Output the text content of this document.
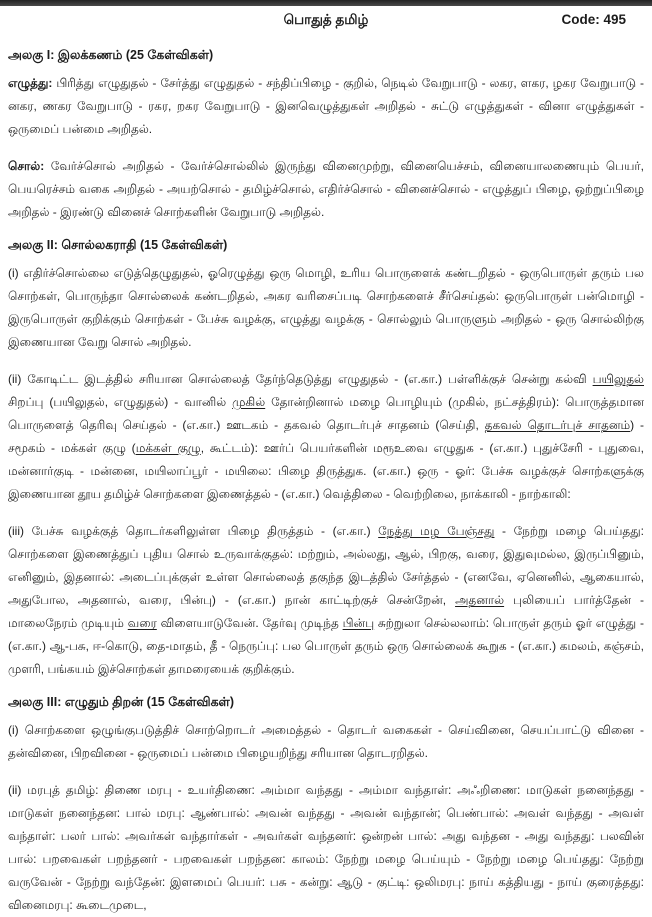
பொதுத் தமிழ்	Code: 495
அலகு I: இலக்கணம் (25 கேள்விகள்)

எழுத்து: பிரித்து எழுதுதல் - சேர்த்து எழுதுதல் - சந்திப்பிழை - குறில், நெடில் வேறுபாடு - லகர, ளகர, ழகர வேறுபாடு - னகர, ணகர வேறுபாடு - ரகர, றகர வேறுபாடு - இனவெழுத்துகள் அறிதல் - சுட்டு எழுத்துகள் - வினா எழுத்துகள் - ஒருமைப் பன்மை அறிதல்.

சொல்: வேர்ச்சொல் அறிதல் - வேர்ச்சொல்லில் இருந்து வினைமுற்று, வினையெச்சம், வினையாலணையும் பெயர், பெயரெச்சம் வகை அறிதல் - அயற்சொல் - தமிழ்ச்சொல், எதிர்ச்சொல் - வினைச்சொல் - எழுத்துப் பிழை, ஒற்றுப்பிழை அறிதல் - இரண்டு வினைச் சொற்களின் வேறுபாடு அறிதல்.

அலகு II: சொல்லகராதி (15 கேள்விகள்)

(i) எதிர்ச்சொல்லை எடுத்தெழுதுதல், ஓரெழுத்து ஒரு மொழி, உரிய பொருளைக் கண்டறிதல் - ஒருபொருள் தரும் பல சொற்கள், பொருந்தா சொல்லைக் கண்டறிதல், அகர வரிசைப்படி சொற்களைச் சீர்செய்தல்: ஒருபொருள் பன்மொழி - இருபொருள் குறிக்கும் சொற்கள் - பேச்சு வழக்கு, எழுத்து வழக்கு - சொல்லும் பொருளும் அறிதல் - ஒரு சொல்லிற்கு இணையான வேறு சொல் அறிதல்.

(ii) கோடிட்ட இடத்தில் சரியான சொல்லைத் தேர்ந்தெடுத்து எழுதுதல் - (எ.கா.) பள்ளிக்குச் சென்று கல்வி பயிலுதல் சிறப்பு (பயிலுதல், எழுதுதல்) - வானில் முகில் தோன்றினால் மழை பொழியும் (முகில், நட்சத்திரம்): பொருத்தமான பொருளைத் தெரிவு செய்தல் - (எ.கா.) ஊடகம் - தகவல் தொடர்புச் சாதனம் (செய்தி, தகவல் தொடர்புச் சாதனம்) - சமூகம் - மக்கள் குழு (மக்கள் குழு, கூட்டம்): ஊர்ப் பெயர்களின் மரூஉவை எழுதுக - (எ.கா.) புதுச்சேரி - புதுவை, மன்னார்குடி - மன்னை, மயிலாப்பூர் - மயிலை: பிழை திருத்துக. (எ.கா.) ஒரு - ஓர்: பேச்சு வழக்குச் சொற்களுக்கு இணையான தூய தமிழ்ச் சொற்களை இணைத்தல் - (எ.கா.) வெத்திலை - வெற்றிலை, நாக்காலி - நாற்காலி:

(iii) பேச்சு வழக்குத் தொடர்களிலுள்ள பிழை திருத்தம் - (எ.கா.) நேத்து மழ பேஞ்சது - நேற்று மழை பெய்தது: சொற்களை இணைத்துப் புதிய சொல் உருவாக்குதல்: மற்றும், அல்லது, ஆல், பிறகு, வரை, இதுவுமல்ல, இருப்பினும், எனினும், இதனால்: அடைப்புக்குள் உள்ள சொல்லைத் தகுந்த இடத்தில் சேர்த்தல் - (எனவே, ஏனெனில், ஆகையால், அதுபோல, அதனால், வரை, பின்பு) - (எ.கா.) நான் காட்டிற்குச் சென்றேன், அதனால் புலியைப் பார்த்தேன் - மாலைநேரம் முடியும் வரை விளையாடுவேன். தேர்வு முடிந்த பின்பு சுற்றுலா செல்லலாம்: பொருள் தரும் ஓர் எழுத்து - (எ.கா.) ஆ-பசு, ஈ-கொடு, தை-மாதம், தீ - நெருப்பு: பல பொருள் தரும் ஒரு சொல்லைக் கூறுக - (எ.கா.) கமலம், கஞ்சம், முளரி, பங்கயம் இச்சொற்கள் தாமரையைக் குறிக்கும்.

அலகு III: எழுதும் திறன் (15 கேள்விகள்)

(i) சொற்களை ஒழுங்குபடுத்திச் சொற்றொடர் அமைத்தல் - தொடர் வகைகள் - செய்வினை, செயப்பாட்டு வினை - தன்வினை, பிறவினை - ஒருமைப் பன்மை பிழையறிந்து சரியான தொடரறிதல்.

(ii) மரபுத் தமிழ்: திணை மரபு - உயர்திணை: அம்மா வந்தது - அம்மா வந்தாள்: அஃறிணை: மாடுகள் நனைந்தது - மாடுகள் நனைந்தன: பால் மரபு: ஆண்பால்: அவன் வந்தது - அவன் வந்தான்; பெண்பால்: அவள் வந்தது - அவள் வந்தாள்: பலர் பால்: அவர்கள் வந்தார்கள் - அவர்கள் வந்தனர்: ஒன்றன் பால்: அது வந்தன - அது வந்தது: பலவின் பால்: பறவைகள் பறந்தனர் - பறவைகள் பறந்தன: காலம்: நேற்று மழை பெய்யும் - நேற்று மழை பெய்தது: நேற்று வருவேன் - நேற்று வந்தேன்: இளமைப் பெயர்: பசு - கன்று: ஆடு - குட்டி: ஒலிமரபு: நாய் கத்தியது - நாய் குரைத்தது: வினைமரபு: கூடைமுடை,
